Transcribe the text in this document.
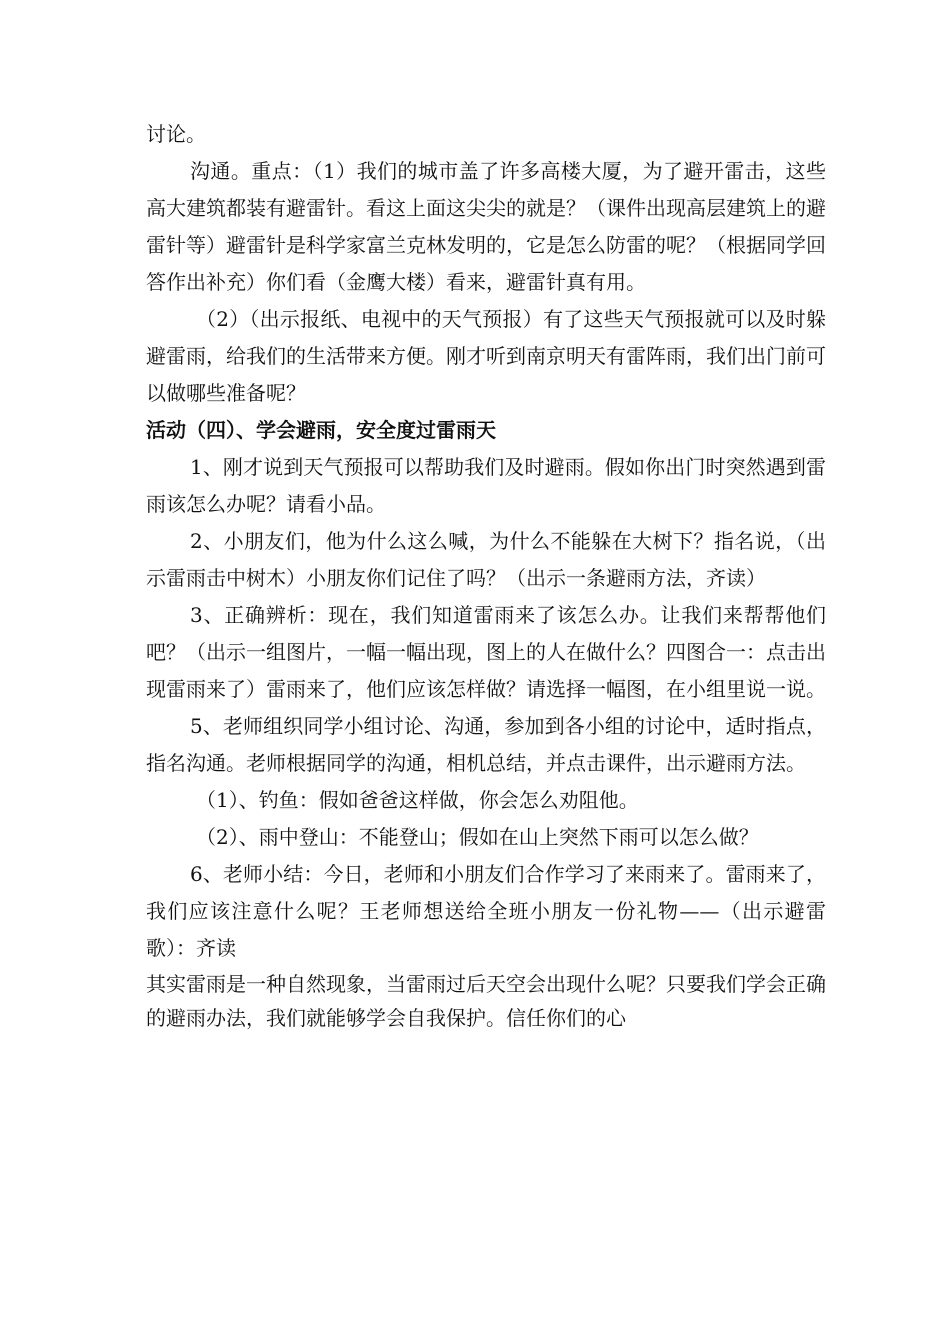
讨论。

沟通。重点：（1）我们的城市盖了许多高楼大厦，为了避开雷击，这些高大建筑都装有避雷针。看这上面这尖尖的就是？（课件出现高层建筑上的避雷针等）避雷针是科学家富兰克林发明的，它是怎么防雷的呢？（根据同学回答作出补充）你们看（金鹰大楼）看来，避雷针真有用。

（2）（出示报纸、电视中的天气预报）有了这些天气预报就可以及时躲避雷雨，给我们的生活带来方便。刚才听到南京明天有雷阵雨，我们出门前可以做哪些准备呢？

活动（四）、学会避雨，安全度过雷雨天

1、刚才说到天气预报可以帮助我们及时避雨。假如你出门时突然遇到雷雨该怎么办呢？请看小品。

2、小朋友们，他为什么这么喊，为什么不能躲在大树下？指名说，（出示雷雨击中树木）小朋友你们记住了吗？（出示一条避雨方法，齐读）

3、正确辨析：现在，我们知道雷雨来了该怎么办。让我们来帮帮他们吧？（出示一组图片，一幅一幅出现，图上的人在做什么？四图合一：点击出现雷雨来了）雷雨来了，他们应该怎样做？请选择一幅图，在小组里说一说。

5、老师组织同学小组讨论、沟通，参加到各小组的讨论中，适时指点，指名沟通。老师根据同学的沟通，相机总结，并点击课件，出示避雨方法。

（1）、钓鱼：假如爸爸这样做，你会怎么劝阻他。

（2）、雨中登山：不能登山；假如在山上突然下雨可以怎么做？

6、老师小结：今日，老师和小朋友们合作学习了来雨来了。雷雨来了，我们应该注意什么呢？王老师想送给全班小朋友一份礼物——（出示避雷歌）：齐读

其实雷雨是一种自然现象，当雷雨过后天空会出现什么呢？只要我们学会正确的避雨办法，我们就能够学会自我保护。信任你们的心
